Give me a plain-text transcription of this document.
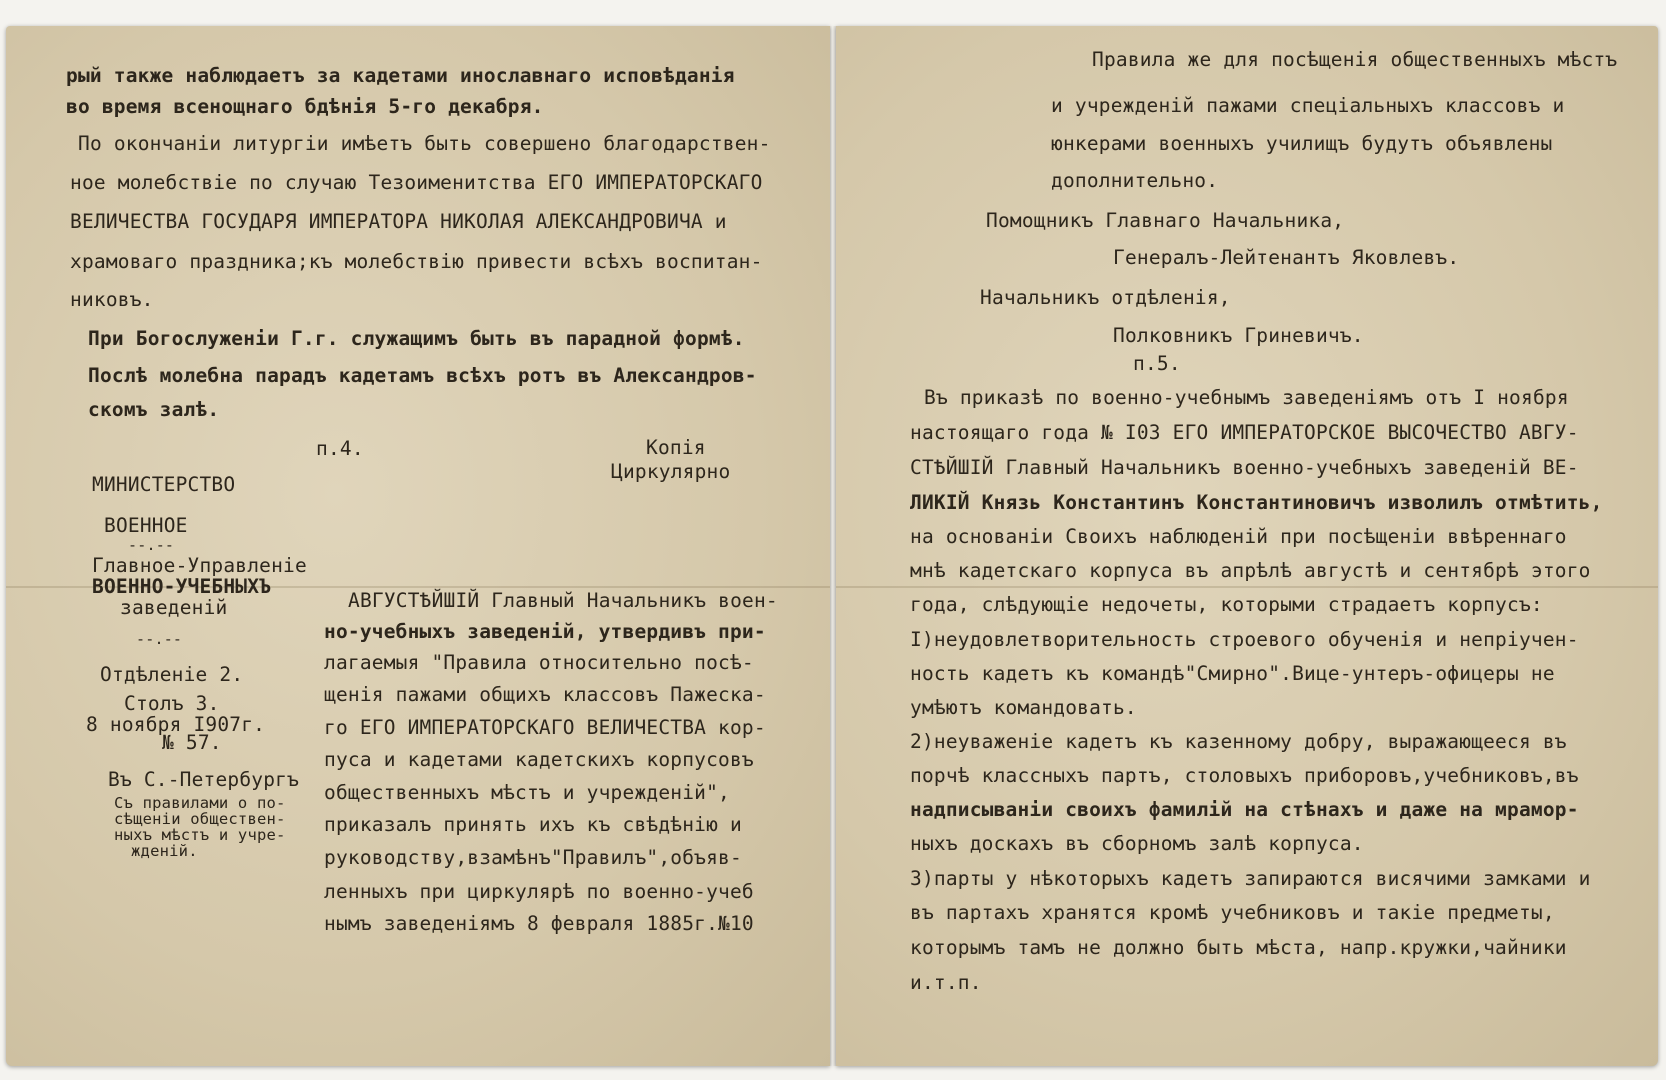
рый также наблюдаетъ за кадетами инославнаго исповѣданія

во время всенощнаго бдѣнія 5-го декабря.

По окончаніи литургіи имѣетъ быть совершено благодарствен-

ное молебствіе по случаю Тезоименитства ЕГО ИМПЕРАТОРСКАГО

ВЕЛИЧЕСТВА ГОСУДАРЯ ИМПЕРАТОРА НИКОЛАЯ АЛЕКСАНДРОВИЧА и

храмоваго праздника;къ молебствію привести всѣхъ воспитан-

никовъ.

При Богослуженіи Г.г. служащимъ быть въ парадной формѣ.

Послѣ молебна парадъ кадетамъ всѣхъ ротъ въ Александров-

скомъ залѣ.

п.4.	Копія

Циркулярно

МИНИСТЕРСТВО

ВОЕННОЕ

--.--

Главное-Управленіе

ВОЕННО-УЧЕБНЫХЪ

заведеній

--.--

Отдѣленіе 2.

Столъ 3.

8 ноября I907г.

№ 57.

Въ С.-Петербургъ

Съ правилами о по-

сѣщеніи обществен-

ныхъ мѣстъ и учре-

жденій.

АВГУСТѢЙШІЙ Главный Начальникъ воен-

но-учебныхъ заведеній, утвердивъ при-

лагаемыя "Правила относительно посѣ-

щенія пажами общихъ классовъ Пажеска-

го ЕГО ИМПЕРАТОРСКАГО ВЕЛИЧЕСТВА кор-

пуса и кадетами кадетскихъ корпусовъ

общественныхъ мѣстъ и учрежденій",

приказалъ принять ихъ къ свѣдѣнію и

руководству,взамѣнъ"Правилъ",объяв-

ленныхъ при циркулярѣ по военно-учеб

нымъ заведеніямъ 8 февраля 1885г.№10

Правила же для посѣщенія общественныхъ мѣстъ

и учрежденій пажами спеціальныхъ классовъ и

юнкерами военныхъ училищъ будутъ объявлены

дополнительно.

Помощникъ Главнаго Начальника,

Генералъ-Лейтенантъ Яковлевъ.

Начальникъ отдѣленія,

Полковникъ Гриневичъ.

п.5.

Въ приказѣ по военно-учебнымъ заведеніямъ отъ I ноября

настоящаго года № I03 ЕГО ИМПЕРАТОРСКОЕ ВЫСОЧЕСТВО АВГУ-

СТѢЙШІЙ Главный Начальникъ военно-учебныхъ заведеній ВЕ-

ЛИКІЙ Князь Константинъ Константиновичъ изволилъ отмѣтить,

на основаніи Своихъ наблюденій при посѣщеніи ввѣреннаго

мнѣ кадетскаго корпуса въ апрѣлѣ августѣ и сентябрѣ этого

года, слѣдующіе недочеты, которыми страдаетъ корпусъ:

I)неудовлетворительность строевого обученія и непріучен-

ность кадетъ къ командѣ"Смирно".Вице-унтеръ-офицеры не

умѣютъ командовать.

2)неуваженіе кадетъ къ казенному добру, выражающееся въ

порчѣ классныхъ партъ, столовыхъ приборовъ,учебниковъ,въ

надписываніи своихъ фамилій на стѣнахъ и даже на мрамор-

ныхъ доскахъ въ сборномъ залѣ корпуса.

3)парты у нѣкоторыхъ кадетъ запираются висячими замками и

въ партахъ хранятся кромѣ учебниковъ и такіе предметы,

которымъ тамъ не должно быть мѣста, напр.кружки,чайники

и.т.п.
